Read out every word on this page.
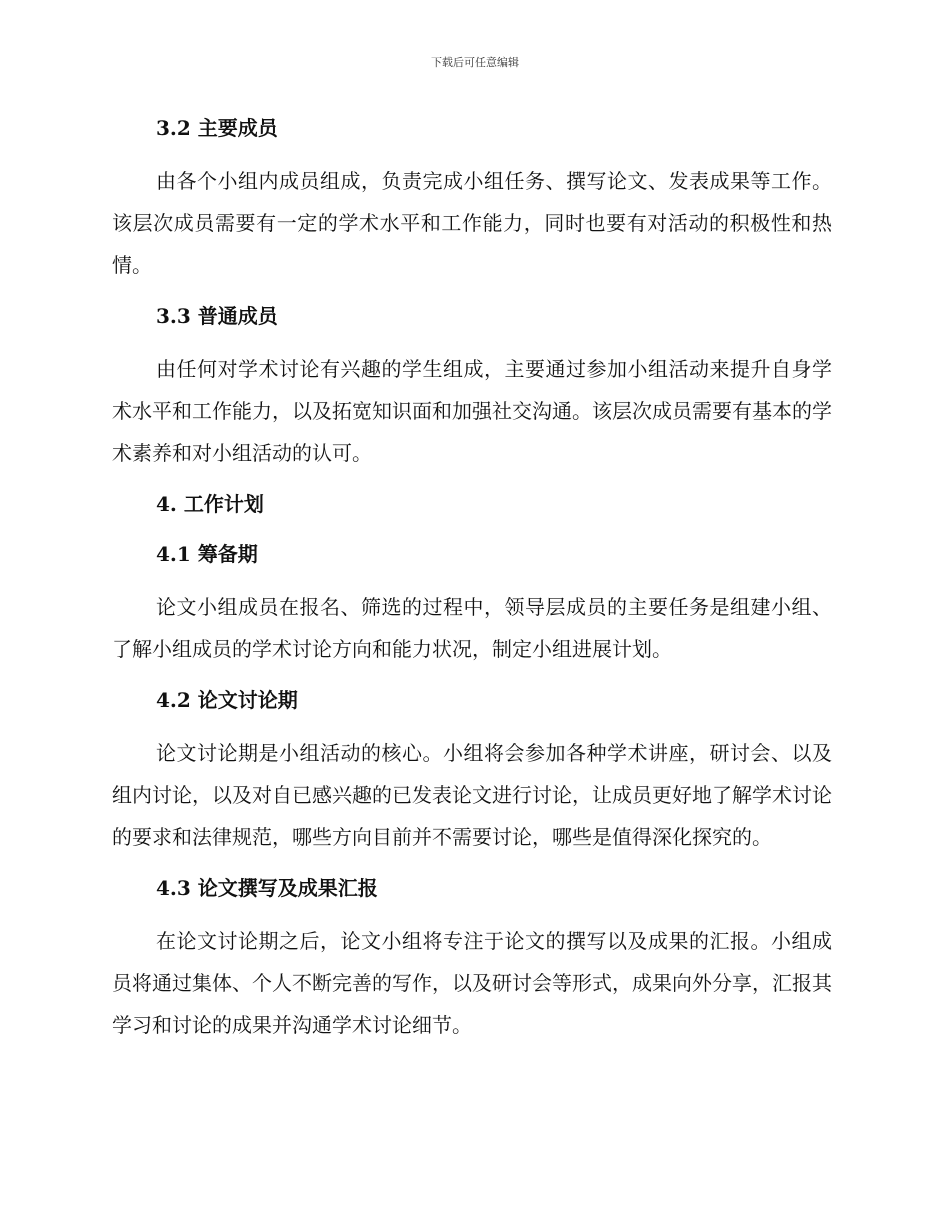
下载后可任意编辑
3.2 主要成员

由各个小组内成员组成，负责完成小组任务、撰写论文、发表成果等工作。该层次成员需要有一定的学术水平和工作能力，同时也要有对活动的积极性和热情。

3.3 普通成员

由任何对学术讨论有兴趣的学生组成，主要通过参加小组活动来提升自身学术水平和工作能力，以及拓宽知识面和加强社交沟通。该层次成员需要有基本的学术素养和对小组活动的认可。

4. 工作计划
4.1 筹备期

论文小组成员在报名、筛选的过程中，领导层成员的主要任务是组建小组、了解小组成员的学术讨论方向和能力状况，制定小组进展计划。

4.2 论文讨论期

论文讨论期是小组活动的核心。小组将会参加各种学术讲座，研讨会、以及组内讨论，以及对自已感兴趣的已发表论文进行讨论，让成员更好地了解学术讨论的要求和法律规范，哪些方向目前并不需要讨论，哪些是值得深化探究的。

4.3 论文撰写及成果汇报

在论文讨论期之后，论文小组将专注于论文的撰写以及成果的汇报。小组成员将通过集体、个人不断完善的写作，以及研讨会等形式，成果向外分享，汇报其学习和讨论的成果并沟通学术讨论细节。
